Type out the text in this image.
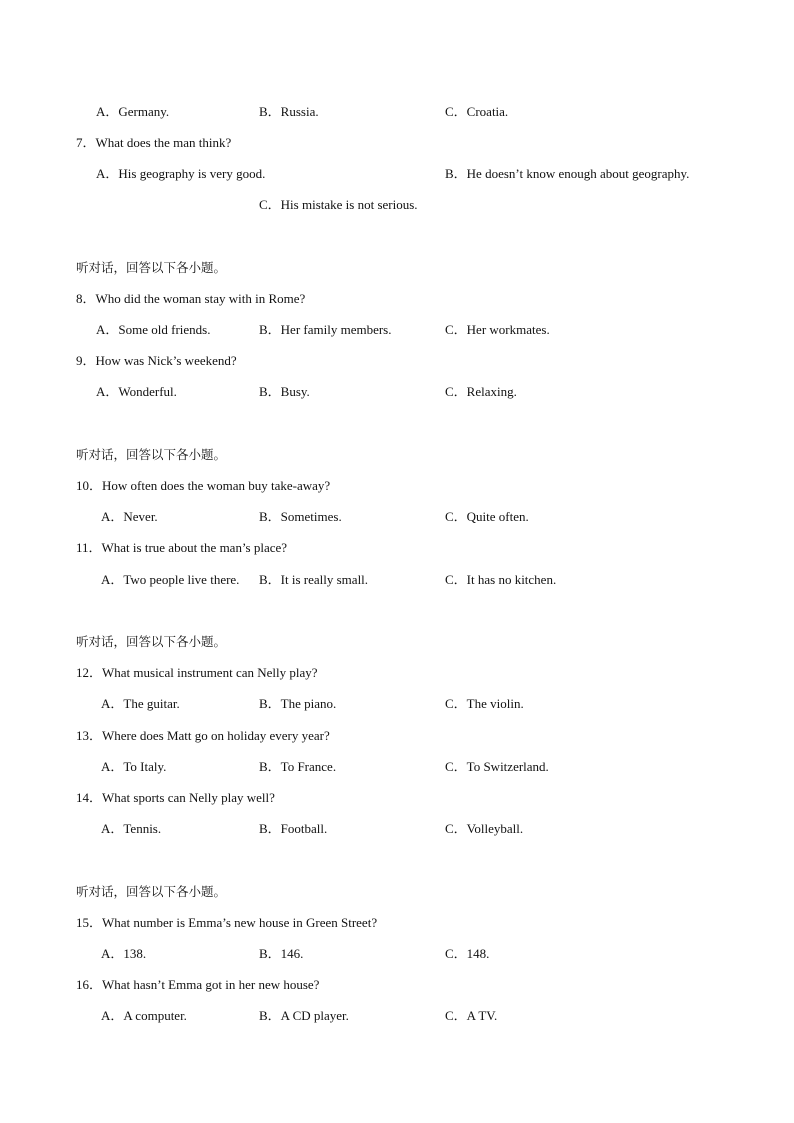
A．Germany.	B．Russia.	C．Croatia.
7．What does the man think?
A．His geography is very good.	B．He doesn’t know enough about geography.
C．His mistake is not serious.
听对话，回答以下各小题。
8．Who did the woman stay with in Rome?
A．Some old friends.	B．Her family members.	C．Her workmates.
9．How was Nick’s weekend?
A．Wonderful.	B．Busy.	C．Relaxing.
听对话，回答以下各小题。
10．How often does the woman buy take-away?
A．Never.	B．Sometimes.	C．Quite often.
11．What is true about the man’s place?
A．Two people live there. B．It is really small.	C．It has no kitchen.
听对话，回答以下各小题。
12．What musical instrument can Nelly play?
A．The guitar.	B．The piano.	C．The violin.
13．Where does Matt go on holiday every year?
A．To Italy.	B．To France.	C．To Switzerland.
14．What sports can Nelly play well?
A．Tennis.	B．Football.	C．Volleyball.
听对话，回答以下各小题。
15．What number is Emma’s new house in Green Street?
A．138.	B．146.	C．148.
16．What hasn’t Emma got in her new house?
A．A computer.	B．A CD player.	C．A TV.
